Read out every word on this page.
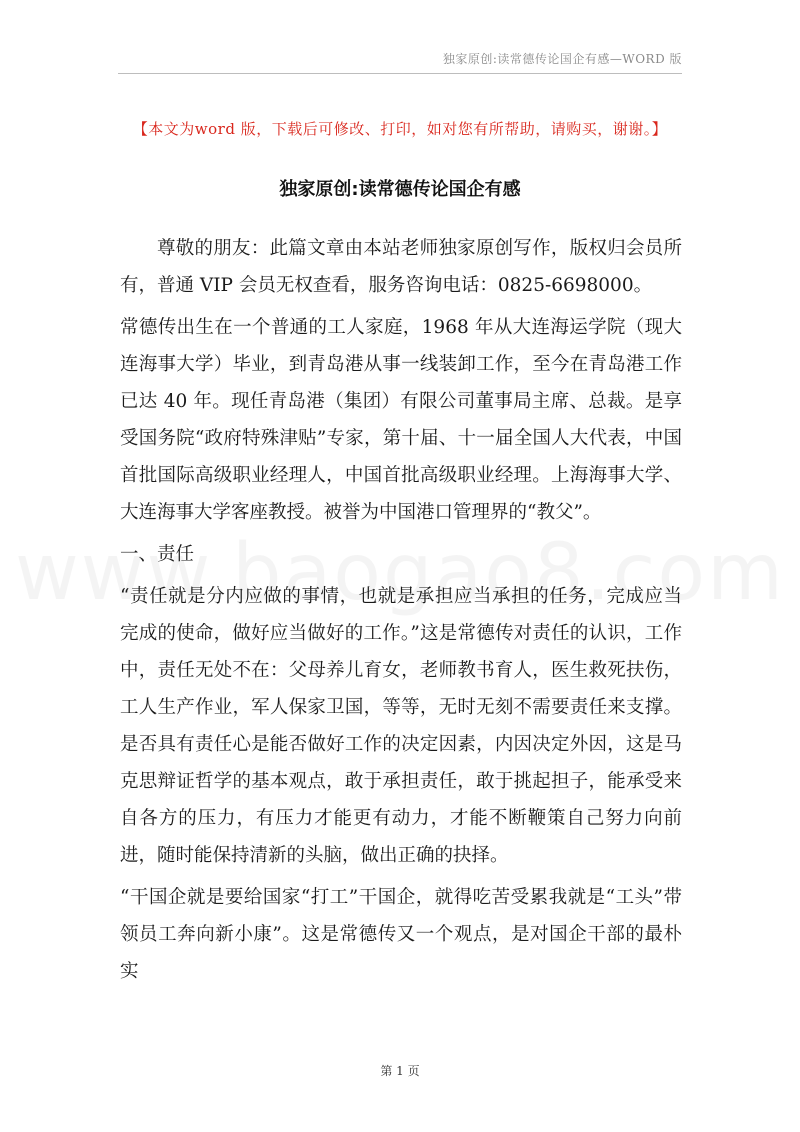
独家原创:读常德传论国企有感—WORD 版
【本文为word 版，下载后可修改、打印，如对您有所帮助，请购买，谢谢。】
独家原创:读常德传论国企有感

尊敬的朋友：此篇文章由本站老师独家原创写作，版权归会员所有，普通 VIP 会员无权查看，服务咨询电话：0825-6698000。

常德传出生在一个普通的工人家庭，1968 年从大连海运学院（现大连海事大学）毕业，到青岛港从事一线装卸工作，至今在青岛港工作已达 40 年。现任青岛港（集团）有限公司董事局主席、总裁。是享受国务院“政府特殊津贴”专家，第十届、十一届全国人大代表，中国首批国际高级职业经理人，中国首批高级职业经理。上海海事大学、大连海事大学客座教授。被誉为中国港口管理界的“教父”。

一、责任

“责任就是分内应做的事情，也就是承担应当承担的任务，完成应当完成的使命，做好应当做好的工作。”这是常德传对责任的认识，工作中，责任无处不在：父母养儿育女，老师教书育人，医生救死扶伤，工人生产作业，军人保家卫国，等等，无时无刻不需要责任来支撑。是否具有责任心是能否做好工作的决定因素，内因决定外因，这是马克思辩证哲学的基本观点，敢于承担责任，敢于挑起担子，能承受来自各方的压力，有压力才能更有动力，才能不断鞭策自己努力向前进，随时能保持清新的头脑，做出正确的抉择。

“干国企就是要给国家“打工”干国企，就得吃苦受累我就是“工头”带领员工奔向新小康”。这是常德传又一个观点，是对国企干部的最朴实

第 1 页
